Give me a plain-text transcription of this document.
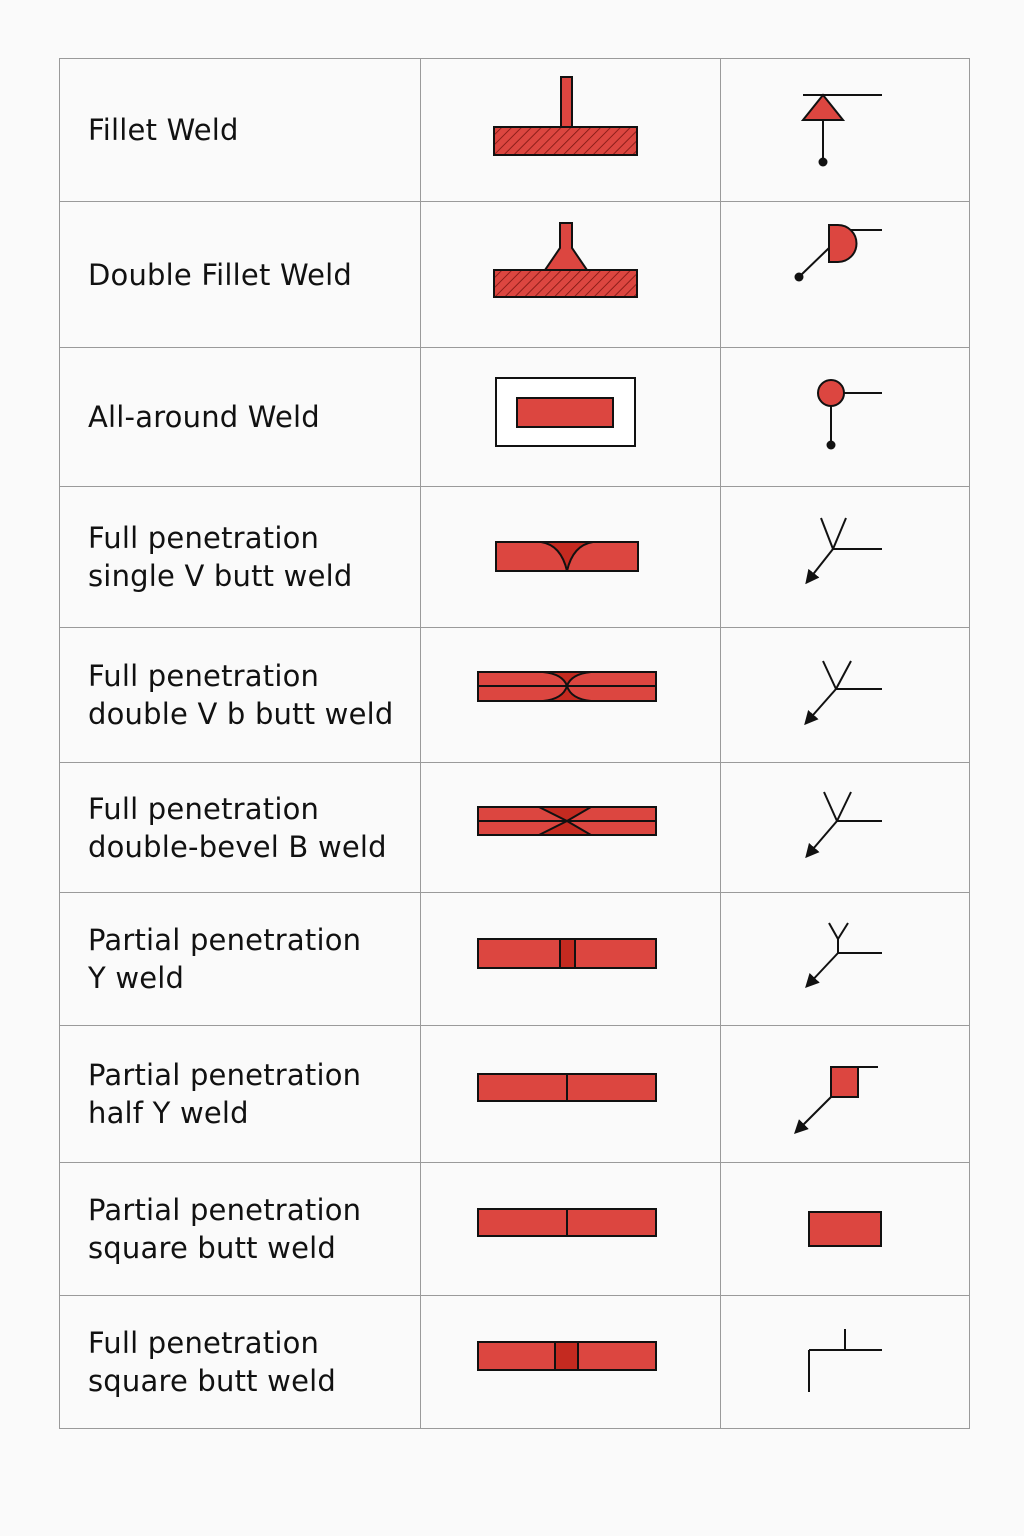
Fillet Weld

Double Fillet Weld

All-around Weld

Full penetration
single V butt weld

Full penetration
double V b butt weld

Full penetration
double-bevel B weld

Partial penetration
Y weld

Partial penetration
half Y weld

Partial penetration
square butt weld

Full penetration
square butt weld
